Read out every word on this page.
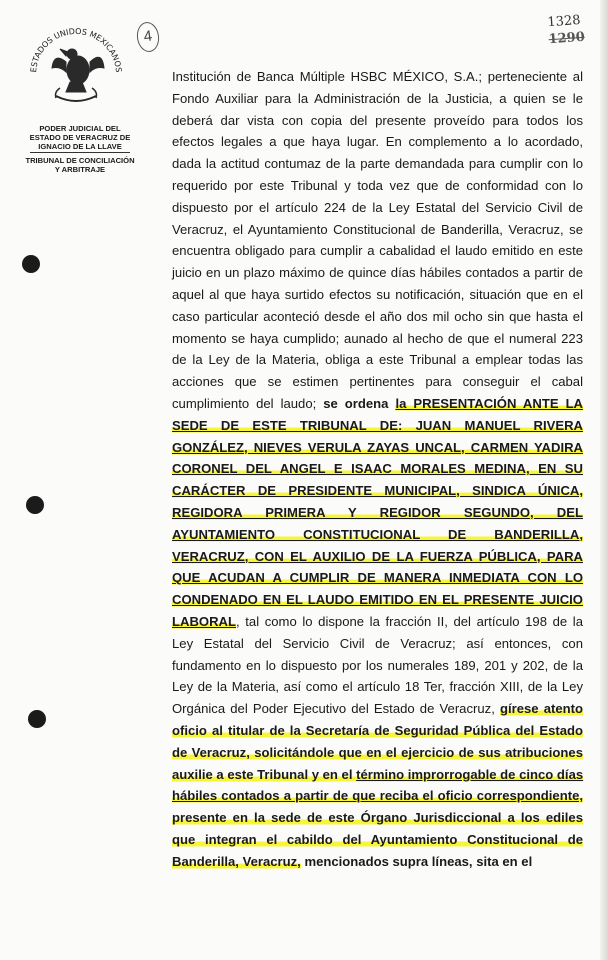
ESTADOS UNIDOS MEXICANOS
PODER JUDICIAL DEL
ESTADO DE VERACRUZ DE
IGNACIO DE LA LLAVE
TRIBUNAL DE CONCILIACIÓN
Y ARBITRAJE
4
1328
1290
Institución de Banca Múltiple HSBC MÉXICO, S.A.; perteneciente al
Fondo Auxiliar para la Administración de la Justicia, a quien se le
deberá dar vista con copia del presente proveído para todos los
efectos legales a que haya lugar. En complemento a lo acordado,
dada la actitud contumaz de la parte demandada para cumplir con lo
requerido por este Tribunal y toda vez que de conformidad con lo
dispuesto por el artículo 224 de la Ley Estatal del Servicio Civil de
Veracruz, el Ayuntamiento Constitucional de Banderilla, Veracruz, se
encuentra obligado para cumplir a cabalidad el laudo emitido en este
juicio en un plazo máximo de quince días hábiles contados a partir de
aquel al que haya surtido efectos su notificación, situación que en el
caso particular aconteció desde el año dos mil ocho sin que hasta el
momento se haya cumplido; aunado al hecho de que el numeral 223
de la Ley de la Materia, obliga a este Tribunal a emplear todas las
acciones que se estimen pertinentes para conseguir el cabal
cumplimiento del laudo; se ordena la PRESENTACIÓN ANTE LA
SEDE DE ESTE TRIBUNAL DE: JUAN MANUEL RIVERA
GONZÁLEZ, NIEVES VERULA ZAYAS UNCAL, CARMEN YADIRA
CORONEL DEL ANGEL E ISAAC MORALES MEDINA, EN SU
CARÁCTER DE PRESIDENTE MUNICIPAL, SINDICA ÚNICA,
REGIDORA PRIMERA Y REGIDOR SEGUNDO, DEL
AYUNTAMIENTO CONSTITUCIONAL DE BANDERILLA,
VERACRUZ, CON EL AUXILIO DE LA FUERZA PÚBLICA, PARA
QUE ACUDAN A CUMPLIR DE MANERA INMEDIATA CON LO
CONDENADO EN EL LAUDO EMITIDO EN EL PRESENTE JUICIO
LABORAL, tal como lo dispone la fracción II, del artículo 198 de la
Ley Estatal del Servicio Civil de Veracruz; así entonces, con
fundamento en lo dispuesto por los numerales 189, 201 y 202, de la
Ley de la Materia, así como el artículo 18 Ter, fracción XIII, de la Ley
Orgánica del Poder Ejecutivo del Estado de Veracruz, gírese atento
oficio al titular de la Secretaría de Seguridad Pública del Estado
de Veracruz, solicitándole que en el ejercicio de sus atribuciones
auxilie a este Tribunal y en el término improrrogable de cinco días
hábiles contados a partir de que reciba el oficio correspondiente,
presente en la sede de este Órgano Jurisdiccional a los ediles
que integran el cabildo del Ayuntamiento Constitucional de
Banderilla, Veracruz, mencionados supra líneas, sita en el
